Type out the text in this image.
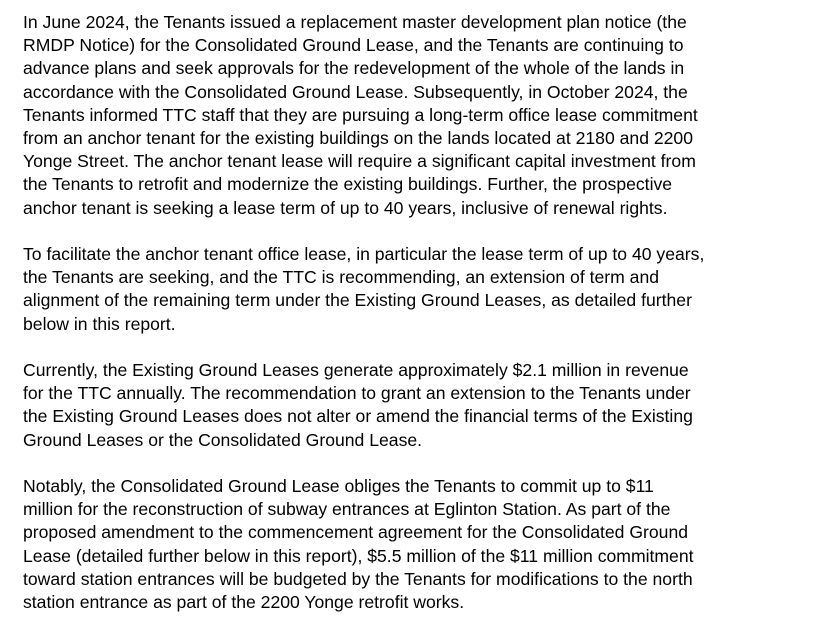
In June 2024, the Tenants issued a replacement master development plan notice (the
RMDP Notice) for the Consolidated Ground Lease, and the Tenants are continuing to
advance plans and seek approvals for the redevelopment of the whole of the lands in
accordance with the Consolidated Ground Lease. Subsequently, in October 2024, the
Tenants informed TTC staff that they are pursuing a long-term office lease commitment
from an anchor tenant for the existing buildings on the lands located at 2180 and 2200
Yonge Street. The anchor tenant lease will require a significant capital investment from
the Tenants to retrofit and modernize the existing buildings. Further, the prospective
anchor tenant is seeking a lease term of up to 40 years, inclusive of renewal rights.

To facilitate the anchor tenant office lease, in particular the lease term of up to 40 years,
the Tenants are seeking, and the TTC is recommending, an extension of term and
alignment of the remaining term under the Existing Ground Leases, as detailed further
below in this report.

Currently, the Existing Ground Leases generate approximately $2.1 million in revenue
for the TTC annually. The recommendation to grant an extension to the Tenants under
the Existing Ground Leases does not alter or amend the financial terms of the Existing
Ground Leases or the Consolidated Ground Lease.

Notably, the Consolidated Ground Lease obliges the Tenants to commit up to $11
million for the reconstruction of subway entrances at Eglinton Station. As part of the
proposed amendment to the commencement agreement for the Consolidated Ground
Lease (detailed further below in this report), $5.5 million of the $11 million commitment
toward station entrances will be budgeted by the Tenants for modifications to the north
station entrance as part of the 2200 Yonge retrofit works.
